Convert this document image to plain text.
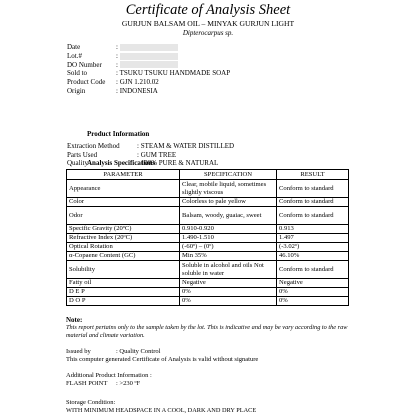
Certificate of Analysis Sheet
GURJUN BALSAM OIL – MINYAK GURJUN LIGHT
Dipterocarpus sp.
Date	:
Lot.#	:
DO Number :
Sold to	: TSUKU TSUKU HANDMADE SOAP
Product Code : GJN 1.210.02
Origin	: INDONESIA
Product Information
Extraction Method : STEAM & WATER DISTILLED
Parts Used	: GUM TREE
Quality	: 100% PURE & NATURAL
Analysis Specifications
PARAMETER	SPECIFICATION	RESULT
Appearance	Clear, mobile liquid, sometimes slightly viscous	Conform to standard
Color	Colorless to pale yellow	Conform to standard
Odor	Balsam, woody, guaiac, sweet	Conform to standard
Specific Gravity (20ºC)	0.910-0.920	0.913
Refractive Index (20ºC)	1.490-1.510	1.497
Optical Rotation	(-60º) – (0º)	(-3.02º)
α-Copaene Content (GC)	Min 35%	46.10%
Solubility	Soluble in alcohol and oils Not soluble in water	Conform to standard
Fatty oil	Negative	Negative
D E P	0%	0%
D O P	0%	0%
Note:
This report pertains only to the sample taken by the lot. This is indicative and may be vary according to the raw material and climate variation.
Issued by	: Quality Control
This computer generated Certificate of Analysis is valid without signature
Additional Product Information :
FLASH POINT : >230 ºF
Storage Condition:
WITH MINIMUM HEADSPACE IN A COOL, DARK AND DRY PLACE
